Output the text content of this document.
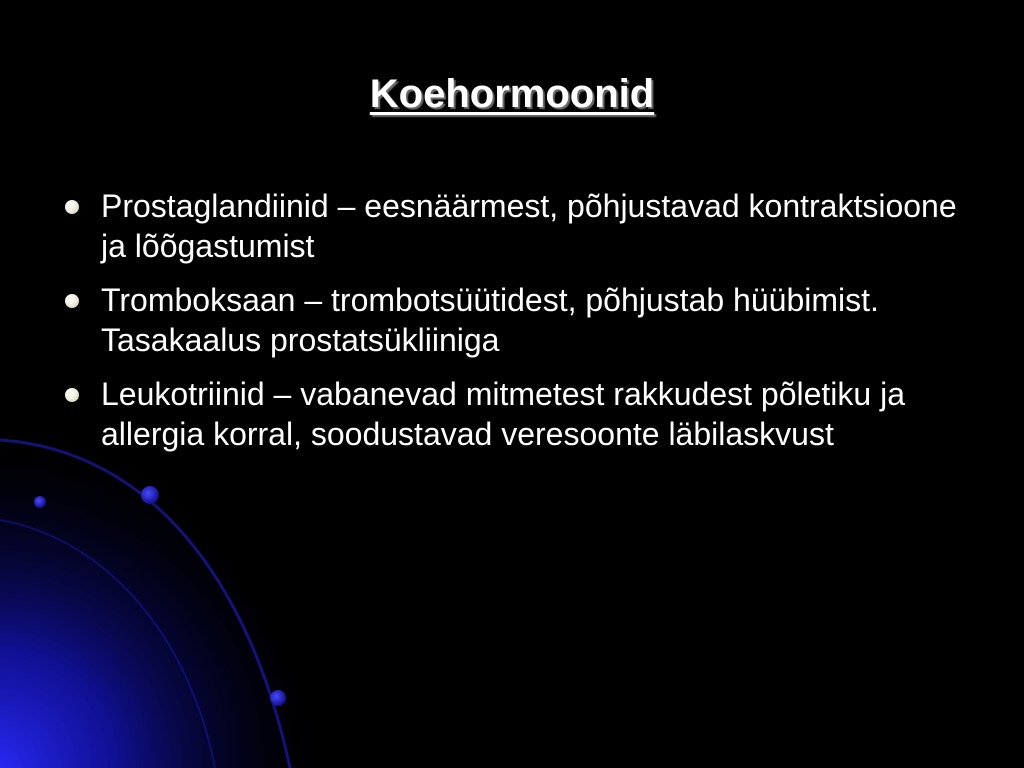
Koehormoonid
Prostaglandiinid – eesnäärmest, põhjustavad kontraktsioone ja lõõgastumist
Tromboksaan – trombotsüütidest, põhjustab hüübimist. Tasakaalus prostatsükliiniga
Leukotriinid – vabanevad mitmetest rakkudest põletiku ja allergia korral, soodustavad veresoonte läbilaskvust
